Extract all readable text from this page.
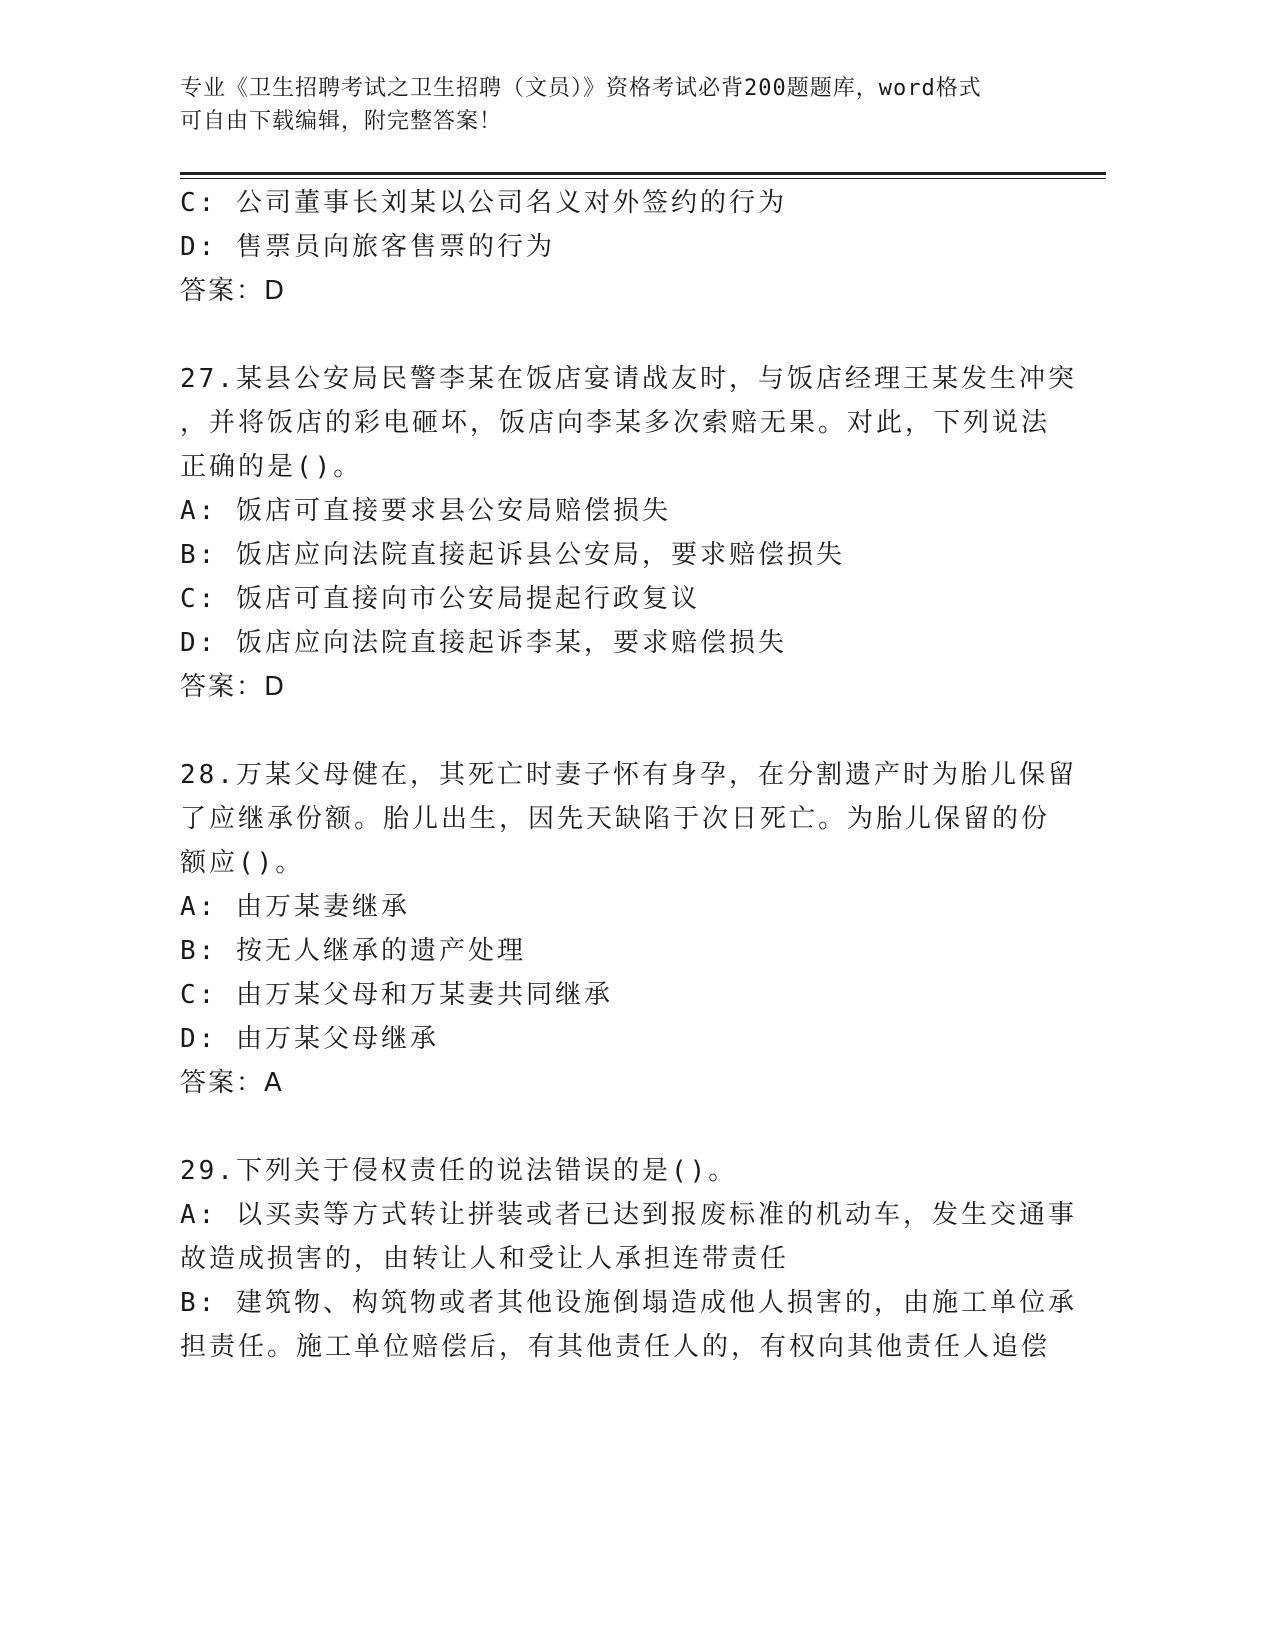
专业《卫生招聘考试之卫生招聘（文员）》资格考试必背200题题库，word格式
可自由下载编辑，附完整答案！

C: 公司董事长刘某以公司名义对外签约的行为

D: 售票员向旅客售票的行为

答案：D

27.某县公安局民警李某在饭店宴请战友时，与饭店经理王某发生冲突

，并将饭店的彩电砸坏，饭店向李某多次索赔无果。对此，下列说法

正确的是()。

A: 饭店可直接要求县公安局赔偿损失

B: 饭店应向法院直接起诉县公安局，要求赔偿损失

C: 饭店可直接向市公安局提起行政复议

D: 饭店应向法院直接起诉李某，要求赔偿损失

答案：D

28.万某父母健在，其死亡时妻子怀有身孕，在分割遗产时为胎儿保留

了应继承份额。胎儿出生，因先天缺陷于次日死亡。为胎儿保留的份

额应()。

A: 由万某妻继承

B: 按无人继承的遗产处理

C: 由万某父母和万某妻共同继承

D: 由万某父母继承

答案：A

29.下列关于侵权责任的说法错误的是()。

A: 以买卖等方式转让拼装或者已达到报废标准的机动车，发生交通事

故造成损害的，由转让人和受让人承担连带责任

B: 建筑物、构筑物或者其他设施倒塌造成他人损害的，由施工单位承

担责任。施工单位赔偿后，有其他责任人的，有权向其他责任人追偿
